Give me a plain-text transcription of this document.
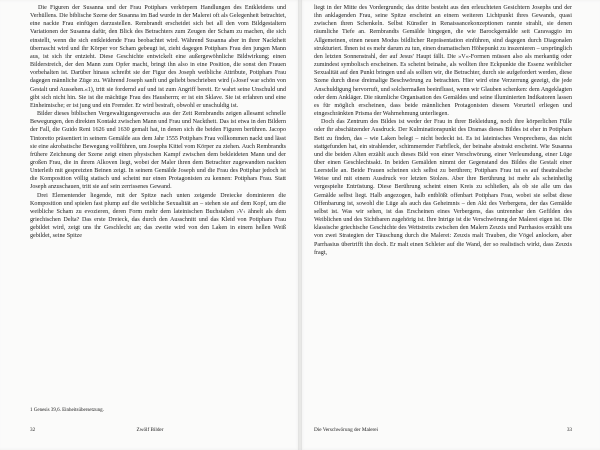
Die Figuren der Susanna und der Frau Potiphars verkörpern Handlungen des Entkleidens und Verhüllens. Die biblische Szene der Susanna im Bad wurde in der Malerei oft als Gelegenheit betrachtet, eine nackte Frau einfügen darzustellen. Rembrandt erscheidet sich bei all den vom Bildgestaltern Variationen der Susanna dafür, den Blick des Betrachters zum Zeugen der Scham zu machen, die sich einstellt, wenn die sich entkleidende Frau beobachtet wird. Während Susanna aber in ihrer Nacktheit überrascht wird und ihr Körper vor Scham gebeugt ist, zieht dagegen Potiphars Frau den jungen Mann aus, ist sich ihr entzieht. Diese Geschichte entwickelt eine außergewöhnliche Bildwirkung; einen Bilderstreich, der den Mann zum Opfer macht, bringt ihn also in eine Position, die sonst den Frauen vorbehalten ist. Darüber hinaus schreibt sie der Figur des Joseph weibliche Attribute, Potiphars Frau dagegen männliche Züge zu. Während Joseph sanft und geliebt beschrieben wird (»Josef war schön von Gestalt und Aussehen.«1), tritt sie fordernd auf und ist zum Angriff bereit. Er wahrt seine Unschuld und gibt sich nicht hin. Sie ist die mächtige Frau des Hausherrn; er ist ein Sklave. Sie ist erfahren und eine Einheimische; er ist jung und ein Fremder. Er wird bestraft, obwohl er unschuldig ist.

Bilder dieses biblischen Vergewaltigungsversuchs aus der Zeit Rembrandts zeigen allesamt schnelle Bewegungen, den direkten Kontakt zwischen Mann und Frau und Nacktheit. Das ist etwa in den Bildern der Fall, die Guido Reni 1626 und 1630 gemalt hat, in denen sich die beiden Figuren berühren. Jacopo Tintoretto präsentiert in seinem Gemälde aus dem Jahr 1555 Potiphars Frau vollkommen nackt und lässt sie eine akrobatische Bewegung vollführen, um Josephs Kittel vom Körper zu ziehen. Auch Rembrandts frühere Zeichnung der Szene zeigt einen physischen Kampf zwischen dem bekleideten Mann und der großen Frau, die in ihrem Alkoven liegt, wobei der Maler ihren dem Betrachter zugewandten nackten Unterleib mit gespreizten Beinen zeigt. In seinem Gemälde Joseph und die Frau des Potiphar jedoch ist die Komposition völlig statisch und scheint nur einen Protagonisten zu kennen: Potiphars Frau. Statt Joseph anzuschauen, tritt sie auf sein zerrissenes Gewand.

Drei Elementender liegende, mit der Spitze nach unten zeigende Dreiecke dominieren die Komposition und spielen fast plump auf die weibliche Sexualität an – stehen sie auf dem Kopf, um die weibliche Scham zu evozieren, deren Form mehr dem lateinischen Buchstaben ›V‹ ähnelt als dem griechischen Delta? Das erste Dreieck, das durch den Ausschnitt und das Kleid von Potiphars Frau gebildet wird, zeigt uns ihr Geschlecht an; das zweite wird von den Laken in einem hellen Weiß gebildet, seine Spitze

1 Genesis 39,6. Einheitsübersetzung.
32	Zwölf Bilder

liegt in der Mitte des Vordergrunds; das dritte besteht aus den erleuchteten Gesichtern Josephs und der ihn anklagenden Frau, seine Spitze erscheint an einem weiteren Lichtpunkt ihres Gewands, quasi zwischen ihren Schenkeln. Selbst Künstler in Renaissancekonzeptionen rannte strahlt, sie denen räumliche Tiefe an. Rembrandts Gemälde hingegen, die wie Barockgemälde seit Caravaggio im Allgemeinen, einen neuen Modus bildlicher Repräsentation einführen, sind dagegen durch Diagonalen strukturiert. Ihnen ist es mehr darum zu tun, einen dramatischen Höhepunkt zu inszenieren – ursprünglich den letzten Sonnenstrahl, der auf Jesus' Haupt fällt. Die »V«-Formen müssen also als merkantig oder zumindest symbolisch erscheinen. Es scheint beinahe, als wollten ihre Eckpunkte die Essenz weiblicher Sexualität auf den Punkt bringen und als sollten wir, die Betrachter, durch sie aufgefordert werden, diese Szene durch diese dreimalige Beschwörung zu betrachten. Hier wird eine Verzerrung gezeigt, die jede Anschuldigung hervorruft, und solchermaßen beeinflusst, wenn wir Glauben schenken: dem Angeklagten oder dem Ankläger. Die räumliche Organisation des Gemäldes und seine illuminierten Indikatoren lassen es für möglich erscheinen, dass beide männlichen Protagonisten diesem Vorurteil erliegen und eingeschränkten Prisma der Wahrnehmung unterliegen.

Doch das Zentrum des Bildes ist weder der Frau in ihrer Bekleidung, noch ihre körperlichen Fülle oder ihr abschätzender Ausdruck. Der Kulminationspunkt des Dramas dieses Bildes ist eher in Potiphars Bett zu finden, das – wie Laken belegt – nicht bedeckt ist. Es ist lateinisches Versprechens, das nicht stattgefunden hat, ein strahlender, schimmernder Farbfleck, der beinahe abstrakt erscheint. Wie Susanna und die beiden Alten erzählt auch dieses Bild von einer Verschwörung, einer Verleumdung, einer Lüge über einen Geschlechtsakt. In beiden Gemälden nimmt der Gegenstand des Bildes die Gestalt einer Leerstelle an. Beide Frauen scheinen sich selbst zu berühren; Potiphars Frau tut es auf theatralische Weise und mit einem Ausdruck vor letzten Stolzes. Aber ihre Berührung ist mehr als scheinheilig vergespielte Entrüstung. Diese Berührung scheint einen Kreis zu schließen, als ob sie alle um das Gemälde selbst liegt. Halb angezogen, halb entblößt offenbart Potiphars Frau, wobei sie selbst diese Offenbarung ist, sowohl die Lüge als auch das Geheimnis – den Akt des Verbergens, der das Gemälde selbst ist. Was wir sehen, ist das Erscheinen eines Verbergens, das untrennbar den Gefilden des Weiblichen und des Sichtbaren zugehörig ist. Ihre Intrige ist die Verschwörung der Malerei eigen ist. Die klassische griechische Geschichte des Wettstreits zwischen den Malern Zeuxis und Parrhasios erzählt uns von zwei Strategien der Täuschung durch die Malerei: Zeuxis malt Trauben, die Vögel anlocken, aber Parrhasius übertrifft ihn doch. Er malt einen Schleier auf die Wand, der so realistisch wirkt, dass Zeuxis fragt,

Die Verschwörung der Malerei	33
